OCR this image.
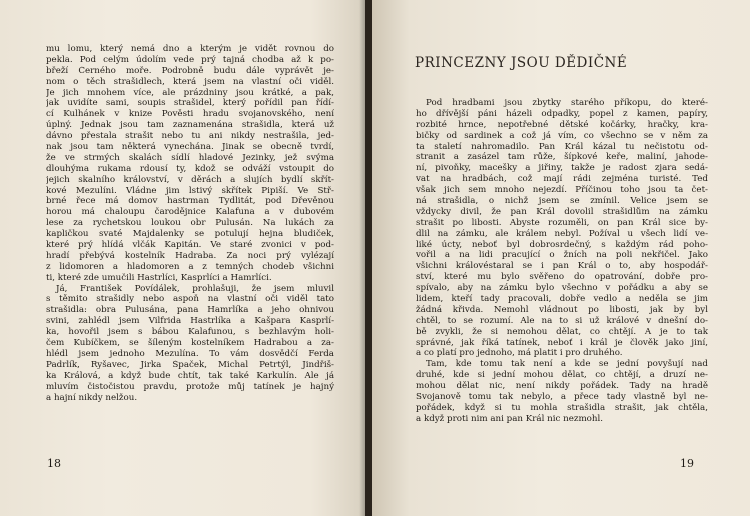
mu lomu, který nemá dno a kterým je vidět rovnou do
pekla. Pod celým údolím vede prý tajná chodba až k po-
břeží Černého moře. Podrobně budu dále vyprávět je-
nom o těch strašidlech, která jsem na vlastní oči viděl.
Je jich mnohem více, ale prázdniny jsou krátké, a pak,
jak uvidíte sami, soupis strašidel, který pořídil pan řídí-
cí Kulhánek v knize Pověsti hradu svojanovského, není
úplný. Jednak jsou tam zaznamenána strašidla, která už
dávno přestala strašit nebo tu ani nikdy nestrašila, jed-
nak jsou tam některá vynechána. Jinak se obecně tvrdí,
že ve strmých skalách sídlí hladové Jezinky, jež svýma
dlouhýma rukama rdousí ty, kdož se odváží vstoupit do
jejich skalního království, v děrách a slujích bydlí skřít-
kové Mezulíni. Vládne jim lstivý skřítek Pipiší. Ve Stř-
brné řece má domov hastrman Tydlitát, pod Dřevěnou
horou má chaloupu čarodějnice Kalafuna a v dubovém
lese za rychetskou loukou obr Pulusán. Na lukách za
kapličkou svaté Majdalenky se potulují hejna bludiček,
které prý hlídá vlčák Kapitán. Ve staré zvonici v pod-
hradí přebývá kostelník Hadraba. Za noci prý vylézají
z lidomoren a hladomoren a z temných chodeb všichni
ti, které zde umučili Hastrlíci, Kasprlíci a Hamrlíci.
Já, František Povídálek, prohlašuji, že jsem mluvil
s těmito strašidly nebo aspoň na vlastní oči viděl tato
strašidla: obra Pulusána, pana Hamrlíka a jeho ohnivou
svini, zahlédl jsem Vilfrida Hastrlíka a Kašpara Kasprlí-
ka, hovořil jsem s bábou Kalafunou, s bezhlavým holi-
čem Kubíčkem, se šíleným kostelníkem Hadrabou a za-
hlédl jsem jednoho Mezulína. To vám dosvědčí Ferda
Padrlík, Ryšavec, Jirka Špaček, Michal Petrtýl, Jindřiš-
ka Králová, a když bude chtít, tak také Karkulín. Ale já
mluvím čistočistou pravdu, protože můj tatínek je hajný
a hajní nikdy nelžou.
18
PRINCEZNY JSOU DĚDIČNÉ
Pod hradbami jsou zbytky starého příkopu, do které-
ho dřívější páni házeli odpadky, popel z kamen, papíry,
rozbité hrnce, nepotřebné dětské kočárky, hračky, kra-
bičky od sardinek a což já vím, co všechno se v něm za
ta staletí nahromadilo. Pan Král kázal tu nečistotu od-
stranit a zasázel tam růže, šípkové keře, maliní, jahode-
ní, pivoňky, macešky a jiřiny, takže je radost zjara sedá-
vat na hradbách, což mají rádi zejména turisté. Teď
však jich sem mnoho nejezdí. Příčinou toho jsou ta čet-
ná strašidla, o nichž jsem se zmínil. Velice jsem se
vždycky divil, že pan Král dovolil strašidlům na zámku
strašit po libosti. Abyste rozuměli, on pan Král sice by-
dlil na zámku, ale králem nebyl. Požíval u všech lidí ve-
liké úcty, neboť byl dobrosrdečný, s každým rád poho-
vořil a na lidi pracující o žních na poli nekřičel. Jako
všichni královéstaral se i pan Král o to, aby hospodář-
ství, které mu bylo svěřeno do opatrování, dobře pro-
spívalo, aby na zámku bylo všechno v pořádku a aby se
lidem, kteří tady pracovali, dobře vedlo a neděla se jim
žádná křivda. Nemohl vládnout po libosti, jak by byl
chtěl, to se rozumí. Ale na to si už králové v dnešní do-
bě zvykli, že si nemohou dělat, co chtějí. A je to tak
správné, jak říká tatínek, neboť i král je člověk jako jiní,
a co platí pro jednoho, má platit i pro druhého.
Tam, kde tomu tak není a kde se jední povyšují nad
druhé, kde si jední mohou dělat, co chtějí, a druzí ne-
mohou dělat nic, není nikdy pořádek. Tady na hradě
Svojanově tomu tak nebylo, a přece tady vlastně byl ne-
pořádek, když si tu mohla strašidla strašit, jak chtěla,
a když proti nim ani pan Král nic nezmohl.
19
